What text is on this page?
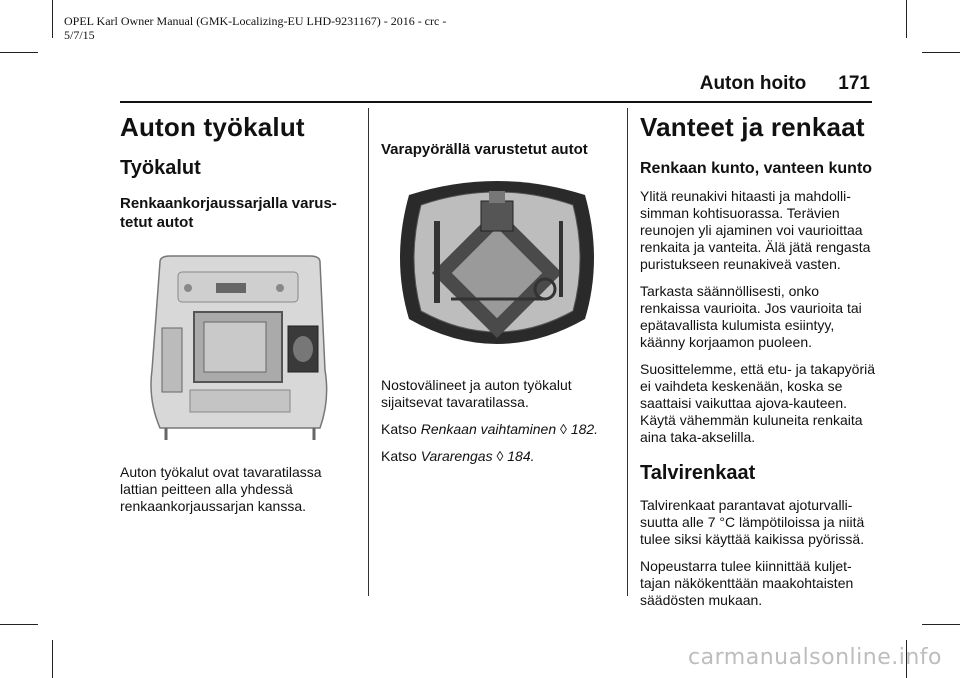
OPEL Karl Owner Manual (GMK-Localizing-EU LHD-9231167) - 2016 - crc -
5/7/15
Auton hoito 171
Auton työkalut
Työkalut
Renkaankorjaussarjalla varus-tetut autot

Auton työkalut ovat tavaratilassa lattian peitteen alla yhdessä renkaankorjaussarjan kanssa.

Varapyörällä varustetut autot

Nostovälineet ja auton työkalut sijaitsevat tavaratilassa.

Katso Renkaan vaihtaminen ◊ 182.

Katso Vararengas ◊ 184.

Vanteet ja renkaat
Renkaan kunto, vanteen kunto

Ylitä reunakivi hitaasti ja mahdolli-simman kohtisuorassa. Terävien reunojen yli ajaminen voi vaurioittaa renkaita ja vanteita. Älä jätä rengasta puristukseen reunakiveä vasten.

Tarkasta säännöllisesti, onko renkaissa vaurioita. Jos vaurioita tai epätavallista kulumista esiintyy, käänny korjaamon puoleen.

Suosittelemme, että etu- ja takapyöriä ei vaihdeta keskenään, koska se saattaisi vaikuttaa ajova-kauteen. Käytä vähemmän kuluneita renkaita aina taka-akselilla.

Talvirenkaat

Talvirenkaat parantavat ajoturvalli-suutta alle 7 °C lämpötiloissa ja niitä tulee siksi käyttää kaikissa pyörissä.

Nopeustarra tulee kiinnittää kuljet-tajan näkökenttään maakohtaisten säädösten mukaan.

carmanualsonline.info
